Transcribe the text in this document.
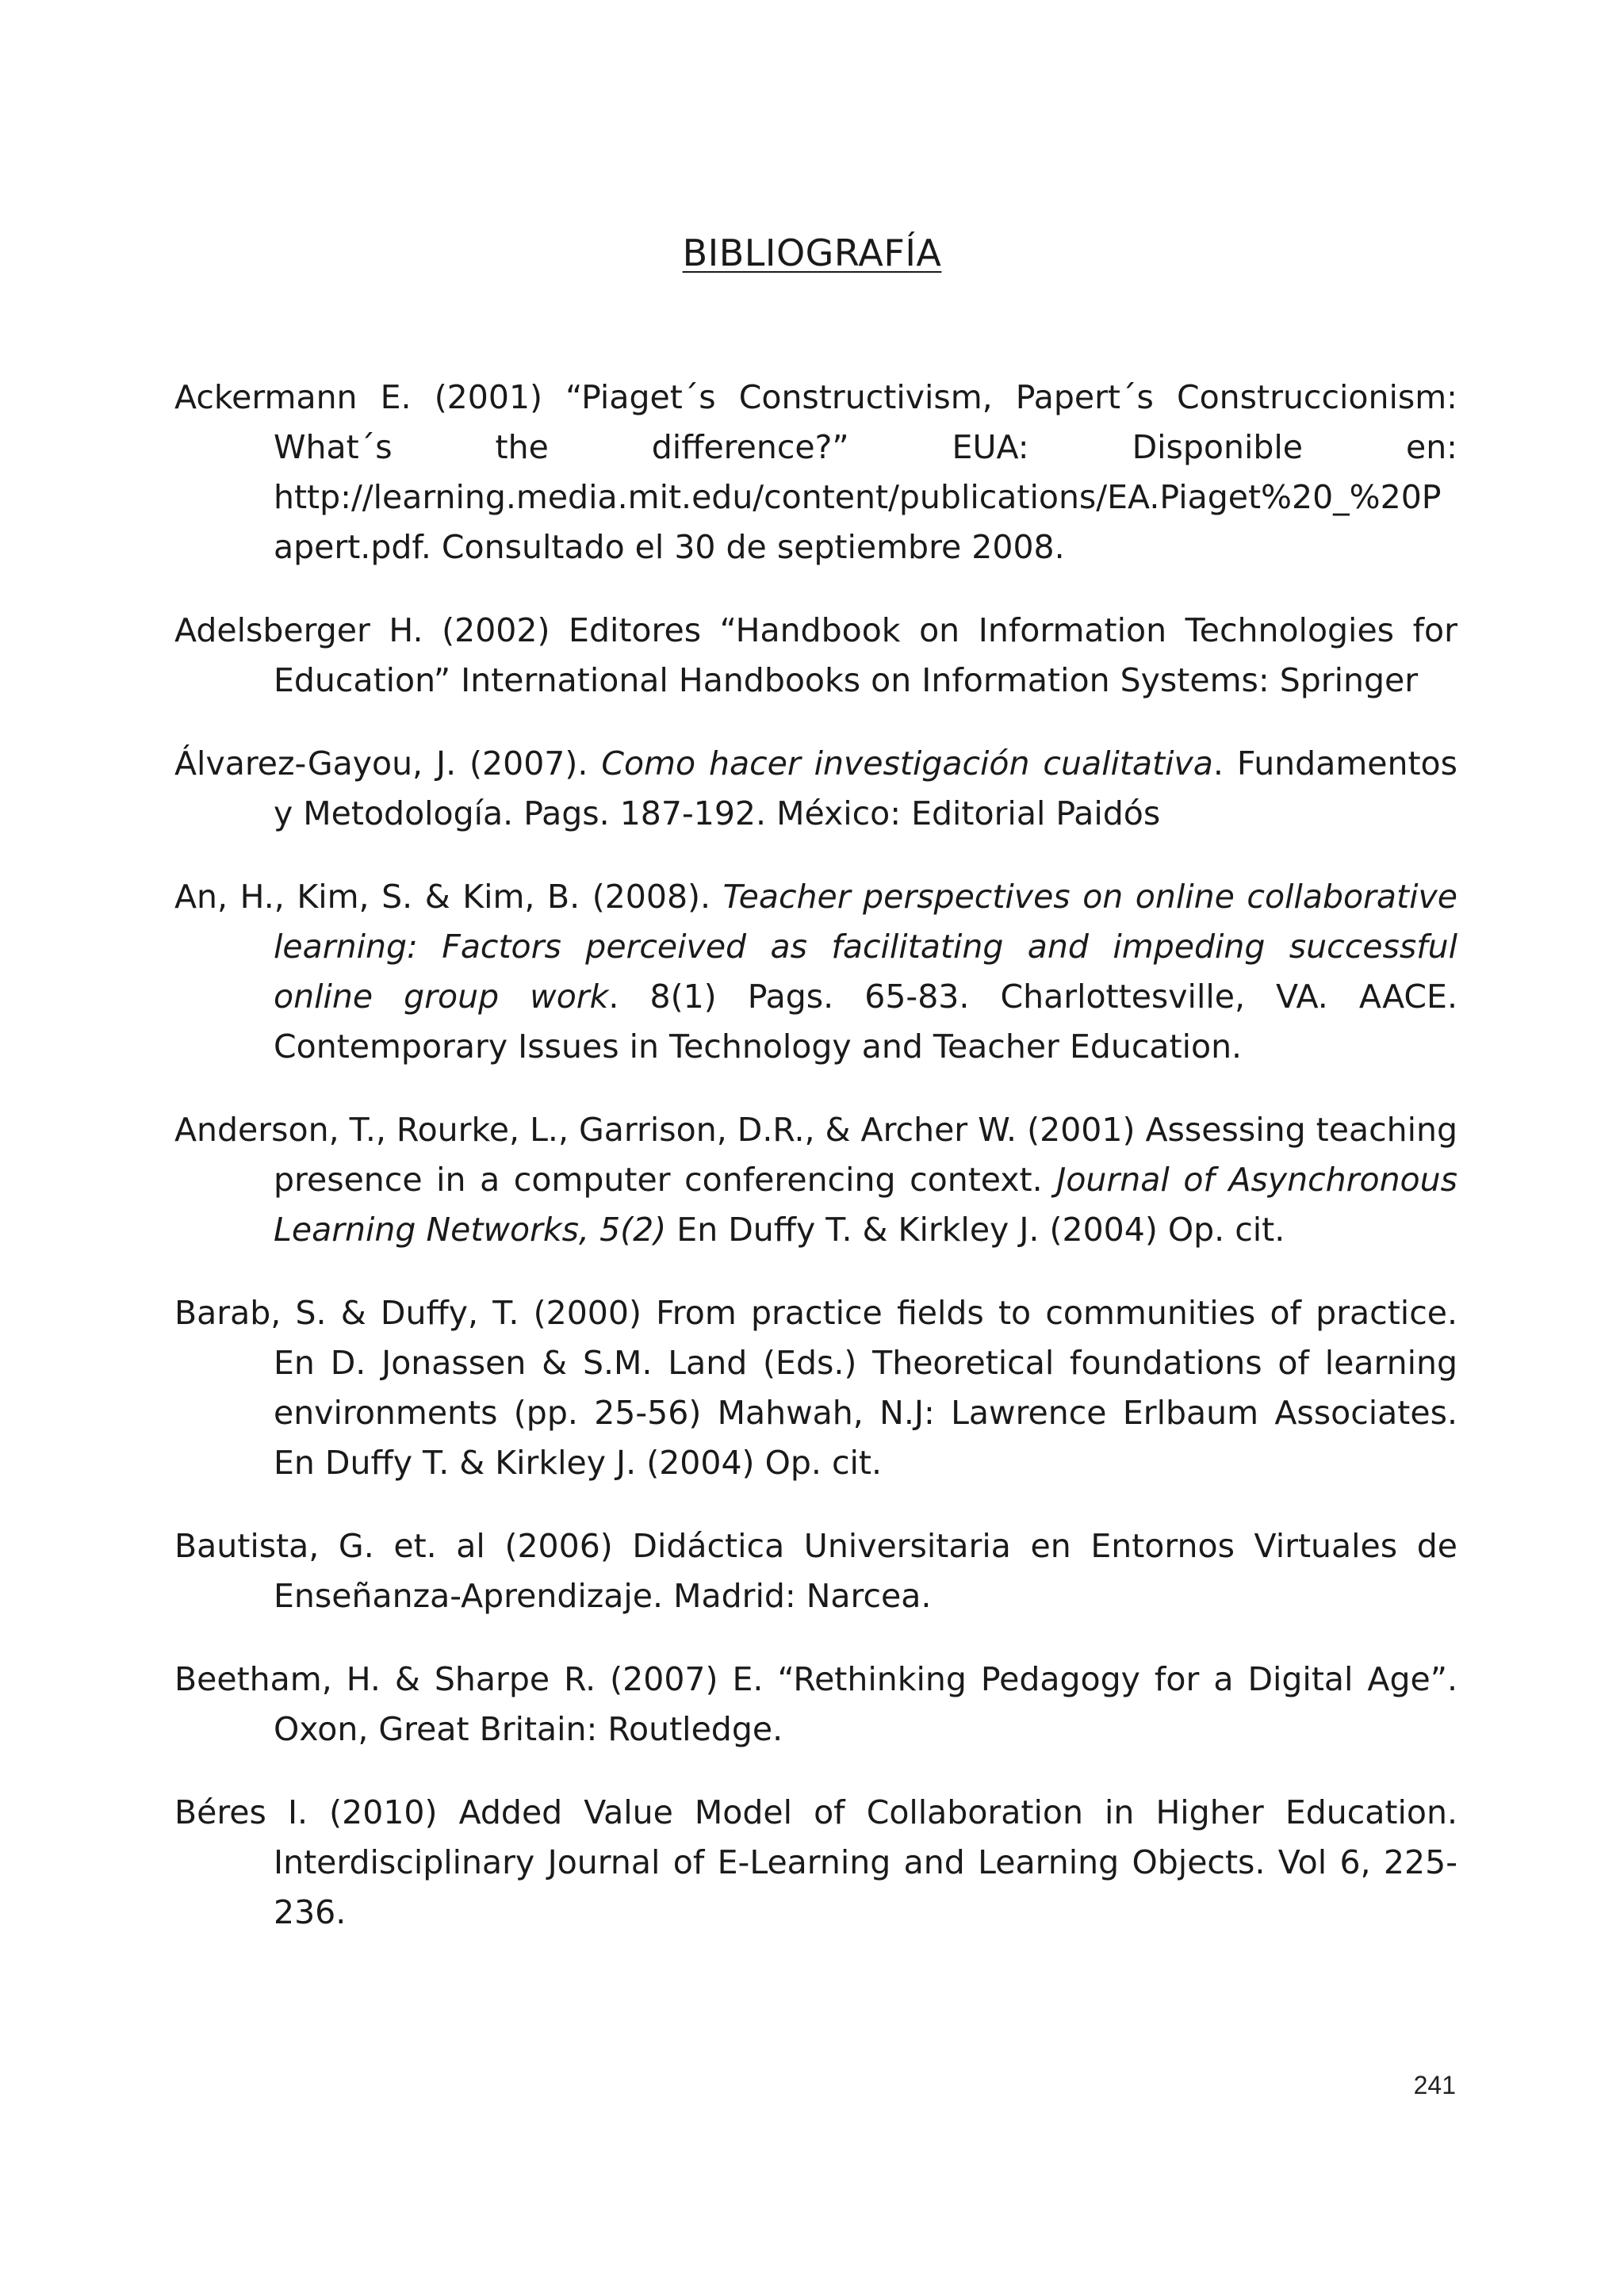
BIBLIOGRAFÍA

Ackermann E. (2001) “Piaget´s Constructivism, Papert´s Construccionism: What´s the difference?” EUA: Disponible en: http://learning.media.mit.edu/content/publications/EA.Piaget%20_%20Papert.pdf. Consultado el 30 de septiembre 2008.

Adelsberger H. (2002) Editores “Handbook on Information Technologies for Education” International Handbooks on Information Systems: Springer

Álvarez-Gayou, J. (2007). Como hacer investigación cualitativa. Fundamentos y Metodología. Pags. 187-192. México: Editorial Paidós

An, H., Kim, S. & Kim, B. (2008). Teacher perspectives on online collaborative learning: Factors perceived as facilitating and impeding successful online group work. 8(1) Pags. 65-83. Charlottesville, VA. AACE. Contemporary Issues in Technology and Teacher Education.

Anderson, T., Rourke, L., Garrison, D.R., & Archer W. (2001) Assessing teaching presence in a computer conferencing context. Journal of Asynchronous Learning Networks, 5(2) En Duffy T. & Kirkley J. (2004) Op. cit.

Barab, S. & Duffy, T. (2000) From practice fields to communities of practice. En D. Jonassen & S.M. Land (Eds.) Theoretical foundations of learning environments (pp. 25-56) Mahwah, N.J: Lawrence Erlbaum Associates. En Duffy T. & Kirkley J. (2004) Op. cit.

Bautista, G. et. al (2006) Didáctica Universitaria en Entornos Virtuales de Enseñanza-Aprendizaje. Madrid: Narcea.

Beetham, H. & Sharpe R. (2007) E. “Rethinking Pedagogy for a Digital Age”. Oxon, Great Britain: Routledge.

Béres I. (2010) Added Value Model of Collaboration in Higher Education. Interdisciplinary Journal of E-Learning and Learning Objects. Vol 6, 225-236.

241
